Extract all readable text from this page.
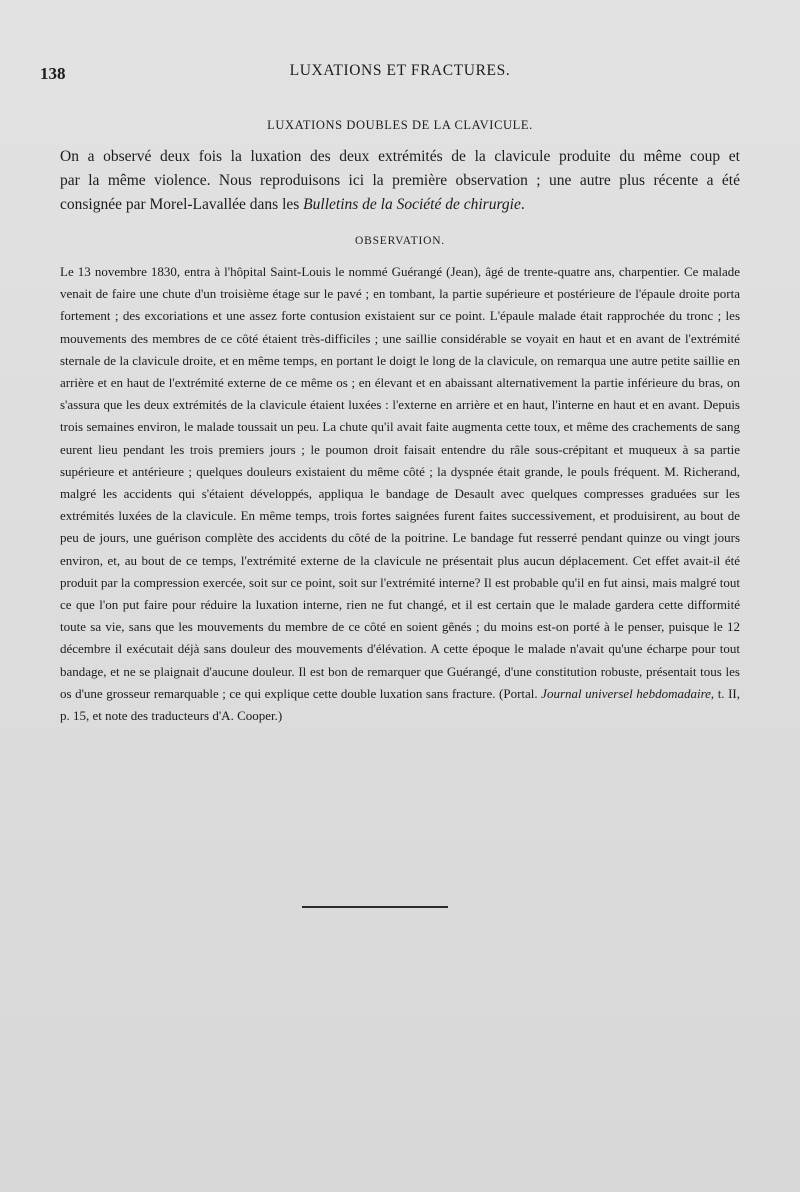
138	LUXATIONS ET FRACTURES.
LUXATIONS DOUBLES DE LA CLAVICULE.

On a observé deux fois la luxation des deux extrémités de la clavicule produite du même coup et
par la même violence. Nous reproduisons ici la première observation ; une autre plus récente a été
consignée par Morel-Lavallée dans les Bulletins de la Société de chirurgie.

OBSERVATION.

Le 13 novembre 1830, entra à l'hôpital Saint-Louis le nommé Guérangé (Jean), âgé de trente-quatre ans, charpentier. Ce malade venait de faire une chute d'un troisième étage sur le pavé ; en tombant, la partie supérieure et postérieure de l'épaule droite porta fortement ; des excoriations et une assez forte contusion existaient sur ce point. L'épaule malade était rapprochée du tronc ; les mouvements des membres de ce côté étaient très-difficiles ; une saillie considérable se voyait en haut et en avant de l'extrémité sternale de la clavicule droite, et en même temps, en portant le doigt le long de la clavicule, on remarqua une autre petite saillie en arrière et en haut de l'extrémité externe de ce même os ; en élevant et en abaissant alternativement la partie inférieure du bras, on s'assura que les deux extrémités de la clavicule étaient luxées : l'externe en arrière et en haut, l'interne en haut et en avant. Depuis trois semaines environ, le malade toussait un peu. La chute qu'il avait faite augmenta cette toux, et même des crachements de sang eurent lieu pendant les trois premiers jours ; le poumon droit faisait entendre du râle sous-crépitant et muqueux à sa partie supérieure et antérieure ; quelques douleurs existaient du même côté ; la dyspnée était grande, le pouls fréquent. M. Richerand, malgré les accidents qui s'étaient développés, appliqua le bandage de Desault avec quelques compresses graduées sur les extrémités luxées de la clavicule. En même temps, trois fortes saignées furent faites successivement, et produisirent, au bout de peu de jours, une guérison complète des accidents du côté de la poitrine. Le bandage fut resserré pendant quinze ou vingt jours environ, et, au bout de ce temps, l'extrémité externe de la clavicule ne présentait plus aucun déplacement. Cet effet avait-il été produit par la compression exercée, soit sur ce point, soit sur l'extrémité interne? Il est probable qu'il en fut ainsi, mais malgré tout ce que l'on put faire pour réduire la luxation interne, rien ne fut changé, et il est certain que le malade gardera cette difformité toute sa vie, sans que les mouvements du membre de ce côté en soient gênés ; du moins est-on porté à le penser, puisque le 12 décembre il exécutait déjà sans douleur des mouvements d'élévation. A cette époque le malade n'avait qu'une écharpe pour tout bandage, et ne se plaignait d'aucune douleur. Il est bon de remarquer que Guérangé, d'une constitution robuste, présentait tous les os d'une grosseur remarquable ; ce qui explique cette double luxation sans fracture. (Portal. Journal universel hebdomadaire, t. II, p. 15, et note des traducteurs d'A. Cooper.)
